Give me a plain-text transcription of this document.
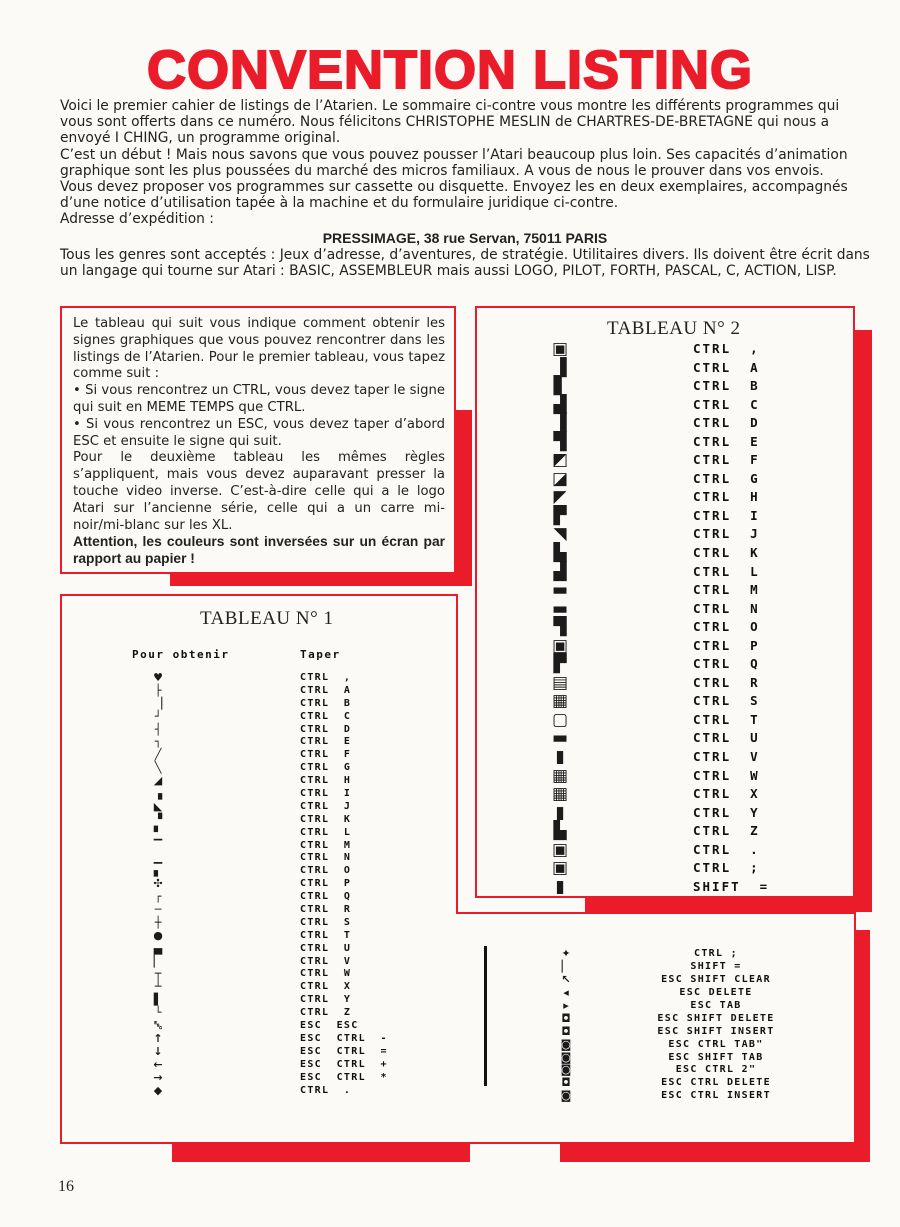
CONVENTION LISTING

Voici le premier cahier de listings de l’Atarien. Le sommaire ci-contre vous montre les différents programmes qui vous sont offerts dans ce numéro. Nous félicitons CHRISTOPHE MESLIN de CHARTRES-DE-BRETAGNE qui nous a envoyé I CHING, un programme original.

C’est un début ! Mais nous savons que vous pouvez pousser l’Atari beaucoup plus loin. Ses capacités d’animation graphique sont les plus poussées du marché des micros familiaux. A vous de nous le prouver dans vos envois.

Vous devez proposer vos programmes sur cassette ou disquette. Envoyez les en deux exemplaires, accompagnés d’une notice d’utilisation tapée à la machine et du formulaire juridique ci-contre.

Adresse d’expédition :

PRESSIMAGE, 38 rue Servan, 75011 PARIS

Tous les genres sont acceptés : Jeux d’adresse, d’aventures, de stratégie. Utilitaires divers. Ils doivent être écrit dans un langage qui tourne sur Atari : BASIC, ASSEMBLEUR mais aussi LOGO, PILOT, FORTH, PASCAL, C, ACTION, LISP.

Le tableau qui suit vous indique comment obtenir les signes graphiques que vous pouvez rencontrer dans les listings de l’Atarien. Pour le premier tableau, vous tapez comme suit :

• Si vous rencontrez un CTRL, vous devez taper le signe qui suit en MEME TEMPS que CTRL.

• Si vous rencontrez un ESC, vous devez taper d’abord ESC et ensuite le signe qui suit.

Pour le deuxième tableau les mêmes règles s’appliquent, mais vous devez auparavant presser la touche video inverse. C’est-à-dire celle qui a le logo Atari sur l’ancienne série, celle qui a un carre mi-noir/mi-blanc sur les XL.

Attention, les couleurs sont inversées sur un écran par rapport au papier !

TABLEAU N° 1
Pour obtenir	Taper
♥
├
▕
┘
┤
┐
╱
╲
◢
▗
◣
▝
▘
▔
▁
▖
✣
┌
─
┼
●
▄
▏
┬
┴
▌
└
␛
↑
↓
←
→
◆
CTRL  ,
CTRL  A
CTRL  B
CTRL  C
CTRL  D
CTRL  E
CTRL  F
CTRL  G
CTRL  H
CTRL  I
CTRL  J
CTRL  K
CTRL  L
CTRL  M
CTRL  N
CTRL  O
CTRL  P
CTRL  Q
CTRL  R
CTRL  S
CTRL  T
CTRL  U
CTRL  V
CTRL  W
CTRL  X
CTRL  Y
CTRL  Z
ESC  ESC
ESC  CTRL  -
ESC  CTRL  =
ESC  CTRL  +
ESC  CTRL  *
CTRL  .
TABLEAU N° 2
▣
▐
▋
▟
▐
▜
◩
◪
◤
▛
◥
▙
▟
▬
▬
▜
▣
▛
▤
▦
▢
▬
▮
▦
▦
▮
▙
▣
▣
▮
CTRL  ,
CTRL  A
CTRL  B
CTRL  C
CTRL  D
CTRL  E
CTRL  F
CTRL  G
CTRL  H
CTRL  I
CTRL  J
CTRL  K
CTRL  L
CTRL  M
CTRL  N
CTRL  O
CTRL  P
CTRL  Q
CTRL  R
CTRL  S
CTRL  T
CTRL  U
CTRL  V
CTRL  W
CTRL  X
CTRL  Y
CTRL  Z
CTRL  .
CTRL  ;
SHIFT  =
✦
▏
↖
◂
▸
◘
◘
◙
◙
◙
◘
◙
CTRL ;
SHIFT =
ESC SHIFT CLEAR
ESC DELETE
ESC TAB
ESC SHIFT DELETE
ESC SHIFT INSERT
ESC CTRL TAB"
ESC SHIFT TAB
ESC CTRL 2"
ESC CTRL DELETE
ESC CTRL INSERT
16
